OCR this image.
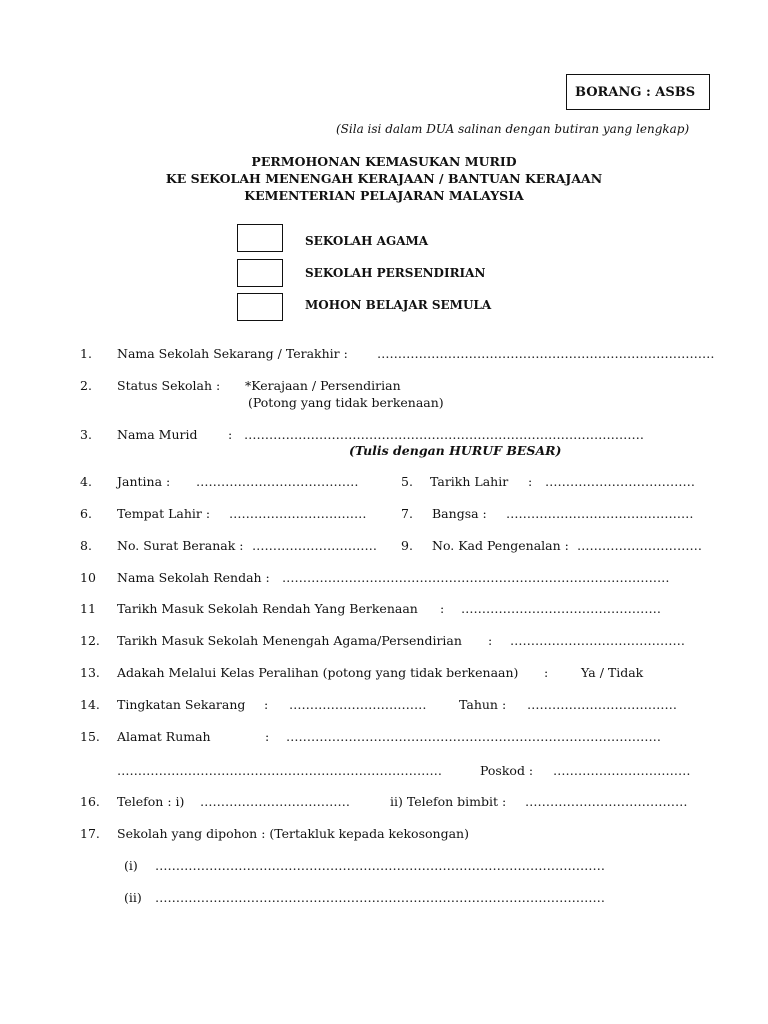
BORANG : ASBS
(Sila isi dalam DUA salinan dengan butiran yang lengkap)
PERMOHONAN KEMASUKAN MURID
KE SEKOLAH MENENGAH KERAJAAN / BANTUAN KERAJAAN
KEMENTERIAN PELAJARAN MALAYSIA
SEKOLAH AGAMA
SEKOLAH PERSENDIRIAN
MOHON BELAJAR SEMULA
1. Nama Sekolah Sekarang / Terakhir : ………………………………………………………………………
2. Status Sekolah : *Kerajaan / Persendirian
(Potong yang tidak berkenaan)
3. Nama Murid : ……………………………………………………………………………………
(Tulis dengan HURUF BESAR)
4. Jantina : …………………………………	5. Tarikh Lahir : ………………………………
6. Tempat Lahir : ……………………………	7. Bangsa : ………………………………………
8. No. Surat Beranak : ………………………… 9. No. Kad Pengenalan : …………………………
10 Nama Sekolah Rendah : …………………………………………………………………………………
11 Tarikh Masuk Sekolah Rendah Yang Berkenaan : …………………………………………
12. Tarikh Masuk Sekolah Menengah Agama/Persendirian : ……………………………………
13. Adakah Melalui Kelas Peralihan (potong yang tidak berkenaan) :	Ya / Tidak
14. Tingkatan Sekarang : ……………………………	Tahun : ………………………………
15. Alamat Rumah	: ………………………………………………………………………………
……………………………………………………………………	Poskod : ……………………………
16. Telefon : i) ………………………………	ii) Telefon bimbit : …………………………………
17. Sekolah yang dipohon : (Tertakluk kepada kekosongan)
(i) ………………………………………………………………………………………………
(ii) ………………………………………………………………………………………………
